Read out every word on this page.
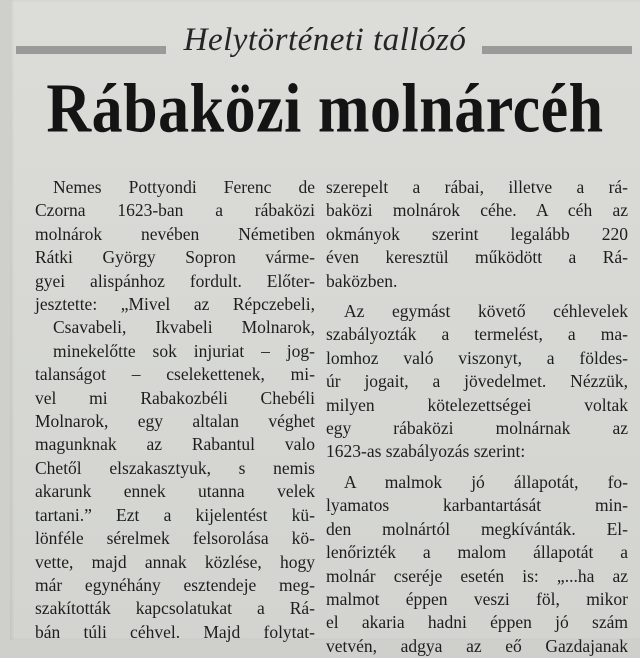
Helytörténeti tallózó
Rábaközi molnárcéh
Nemes Pottyondi Ferenc de
Czorna 1623-ban a rábaközi
molnárok nevében Németiben
Rátki György Sopron várme-
gyei alispánhoz fordult. Előter-
jesztette: „Mivel az Répczebeli,
Csavabeli, Ikvabeli Molnarok,
minekelőtte sok injuriat – jog-
talanságot – cselekettenek, mi-
vel mi Rabakozbéli Chebéli
Molnarok, egy altalan véghet
magunknak az Rabantul valo
Chetől elszakasztyuk, s nemis
akarunk ennek utanna velek
tartani.” Ezt a kijelentést kü-
lönféle sérelmek felsorolása kö-
vette, majd annak közlése, hogy
már egynéhány esztendeje meg-
szakították kapcsolatukat a Rá-
bán túli céhvel. Majd folytat-
szerepelt a rábai, illetve a rá-
baközi molnárok céhe. A céh az
okmányok szerint legalább 220
éven keresztül működött a Rá-
baközben.
Az egymást követő céhlevelek
szabályozták a termelést, a ma-
lomhoz való viszonyt, a földes-
úr jogait, a jövedelmet. Nézzük,
milyen kötelezettségei voltak
egy rábaközi molnárnak az
1623-as szabályozás szerint:
A malmok jó állapotát, fo-
lyamatos karbantartását min-
den molnártól megkívánták. El-
lenőrizték a malom állapotát a
molnár cseréje esetén is: „...ha az
malmot éppen veszi föl, mikor
el akaria hadni éppen jó szám
vetvén, adgya az eő Gazdajanak
